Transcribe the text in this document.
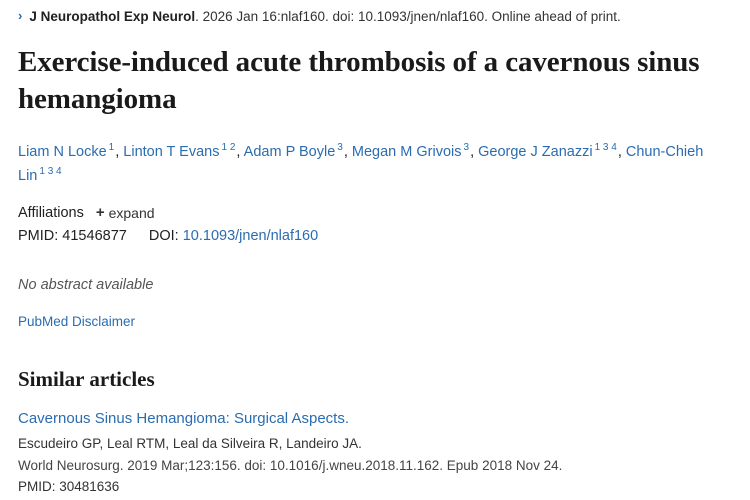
› J Neuropathol Exp Neurol . 2026 Jan 16:nlaf160. doi: 10.1093/jnen/nlaf160. Online ahead of print.
Exercise-induced acute thrombosis of a cavernous sinus hemangioma
Liam N Locke $^1$, Linton T Evans $^{1 2}$, Adam P Boyle $^3$, Megan M Grivois $^3$, George J Zanazzi $^{1 3 4}$, Chun-Chieh Lin $^{1 3 4}$
Affiliations + expand
PMID: 41546877 DOI: 10.1093/jnen/nlaf160
No abstract available
PubMed Disclaimer
Similar articles
Cavernous Sinus Hemangioma: Surgical Aspects.
Escudeiro GP, Leal RTM, Leal da Silveira R, Landeiro JA.
World Neurosurg. 2019 Mar;123:156. doi: 10.1016/j.wneu.2018.11.162. Epub 2018 Nov 24.
PMID: 30481636
